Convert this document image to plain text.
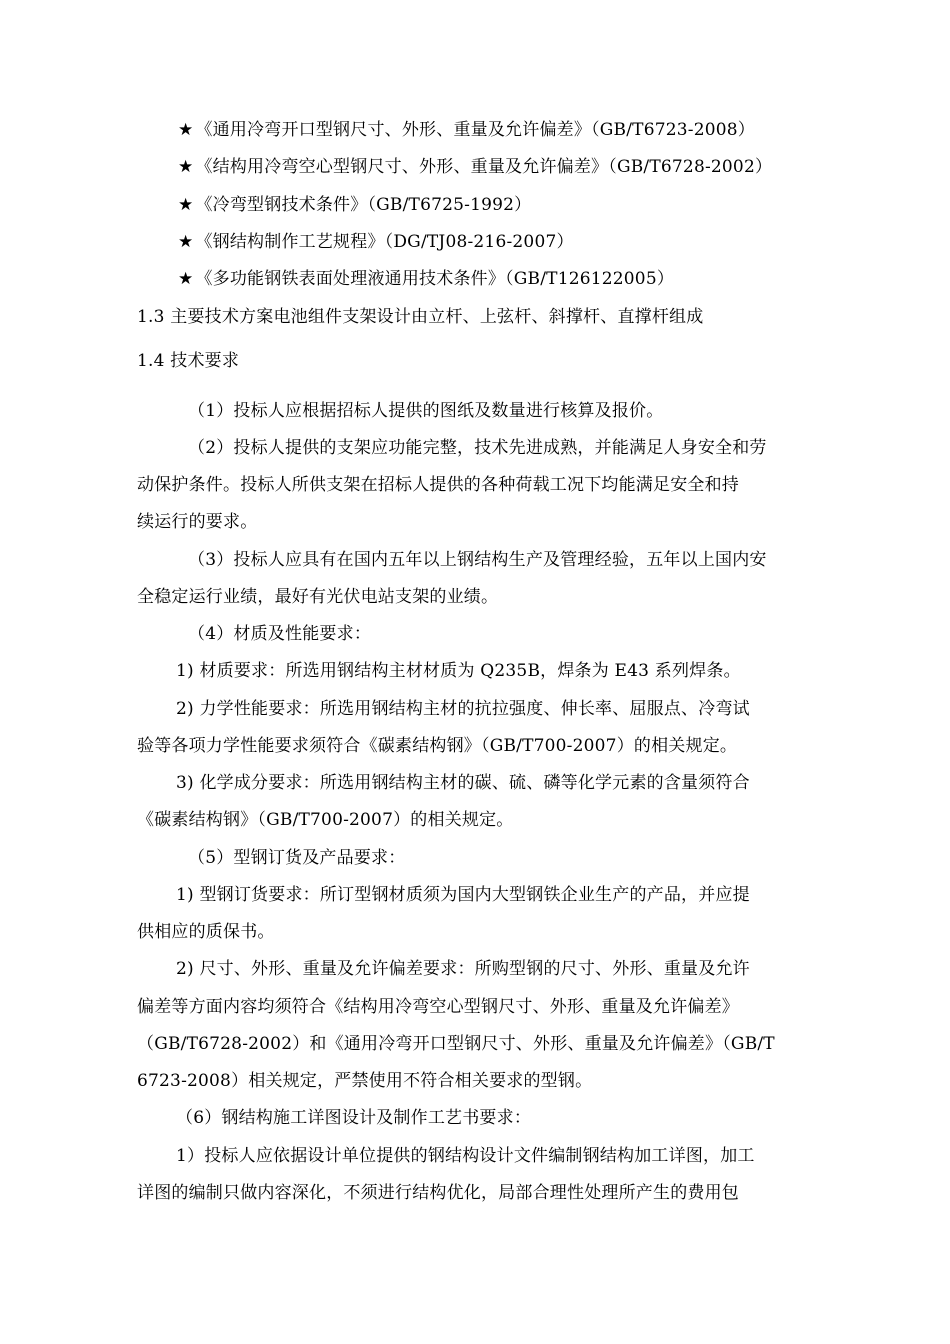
★ 《通用冷弯开口型钢尺寸、外形、重量及允许偏差》（GB/T6723-2008）
★ 《结构用冷弯空心型钢尺寸、外形、重量及允许偏差》（GB/T6728-2002）
★ 《冷弯型钢技术条件》（GB/T6725-1992）
★ 《钢结构制作工艺规程》（DG/TJ08-216-2007）
★ 《多功能钢铁表面处理液通用技术条件》（GB/T126122005）
1.3 主要技术方案电池组件支架设计由立杆、上弦杆、斜撑杆、直撑杆组成
1.4 技术要求
（1）投标人应根据招标人提供的图纸及数量进行核算及报价。
（2）投标人提供的支架应功能完整，技术先进成熟，并能满足人身安全和劳
动保护条件。投标人所供支架在招标人提供的各种荷载工况下均能满足安全和持
续运行的要求。
（3）投标人应具有在国内五年以上钢结构生产及管理经验，五年以上国内安
全稳定运行业绩，最好有光伏电站支架的业绩。
（4）材质及性能要求：
1) 材质要求：所选用钢结构主材材质为 Q235B，焊条为 E43 系列焊条。
2) 力学性能要求：所选用钢结构主材的抗拉强度、伸长率、屈服点、冷弯试
验等各项力学性能要求须符合《碳素结构钢》（GB/T700-2007）的相关规定。
3) 化学成分要求：所选用钢结构主材的碳、硫、磷等化学元素的含量须符合
《碳素结构钢》（GB/T700-2007）的相关规定。
（5）型钢订货及产品要求：
1) 型钢订货要求：所订型钢材质须为国内大型钢铁企业生产的产品，并应提
供相应的质保书。
2) 尺寸、外形、重量及允许偏差要求：所购型钢的尺寸、外形、重量及允许
偏差等方面内容均须符合《结构用冷弯空心型钢尺寸、外形、重量及允许偏差》
（GB/T6728-2002）和《通用冷弯开口型钢尺寸、外形、重量及允许偏差》（GB/T
6723-2008）相关规定，严禁使用不符合相关要求的型钢。
（6）钢结构施工详图设计及制作工艺书要求：
1）投标人应依据设计单位提供的钢结构设计文件编制钢结构加工详图，加工
详图的编制只做内容深化，不须进行结构优化，局部合理性处理所产生的费用包
